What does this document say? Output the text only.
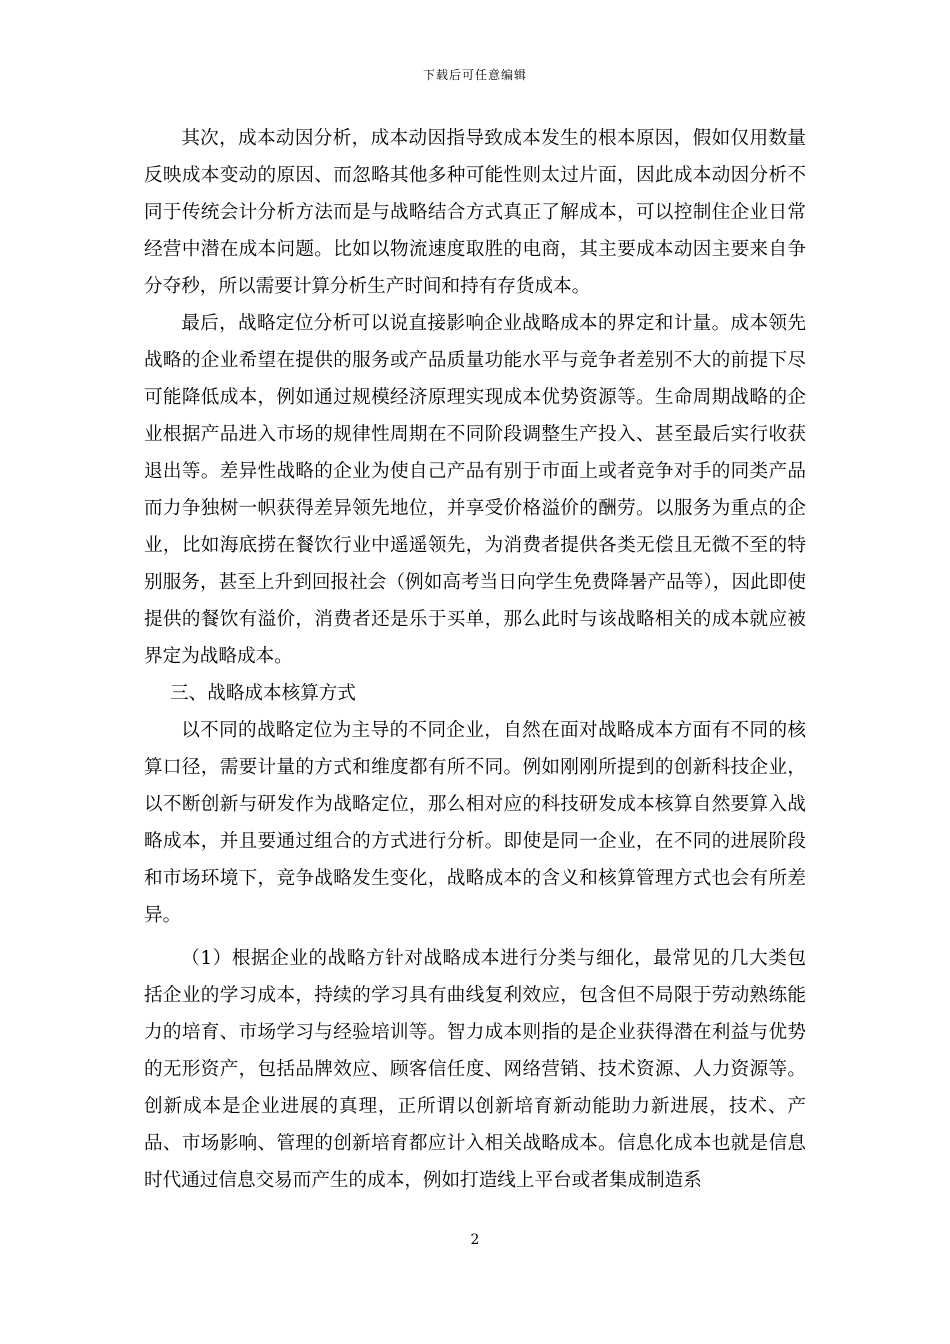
下载后可任意编辑

其次，成本动因分析，成本动因指导致成本发生的根本原因，假如仅用数量反映成本变动的原因、而忽略其他多种可能性则太过片面，因此成本动因分析不同于传统会计分析方法而是与战略结合方式真正了解成本，可以控制住企业日常经营中潜在成本问题。比如以物流速度取胜的电商，其主要成本动因主要来自争分夺秒，所以需要计算分析生产时间和持有存货成本。

最后，战略定位分析可以说直接影响企业战略成本的界定和计量。成本领先战略的企业希望在提供的服务或产品质量功能水平与竞争者差别不大的前提下尽可能降低成本，例如通过规模经济原理实现成本优势资源等。生命周期战略的企业根据产品进入市场的规律性周期在不同阶段调整生产投入、甚至最后实行收获退出等。差异性战略的企业为使自己产品有别于市面上或者竞争对手的同类产品而力争独树一帜获得差异领先地位，并享受价格溢价的酬劳。以服务为重点的企业，比如海底捞在餐饮行业中遥遥领先，为消费者提供各类无偿且无微不至的特别服务，甚至上升到回报社会（例如高考当日向学生免费降暑产品等），因此即使提供的餐饮有溢价，消费者还是乐于买单，那么此时与该战略相关的成本就应被界定为战略成本。

三、战略成本核算方式

以不同的战略定位为主导的不同企业，自然在面对战略成本方面有不同的核算口径，需要计量的方式和维度都有所不同。例如刚刚所提到的创新科技企业，以不断创新与研发作为战略定位，那么相对应的科技研发成本核算自然要算入战略成本，并且要通过组合的方式进行分析。即使是同一企业，在不同的进展阶段和市场环境下，竞争战略发生变化，战略成本的含义和核算管理方式也会有所差异。

（1）根据企业的战略方针对战略成本进行分类与细化，最常见的几大类包括企业的学习成本，持续的学习具有曲线复利效应，包含但不局限于劳动熟练能力的培育、市场学习与经验培训等。智力成本则指的是企业获得潜在利益与优势的无形资产，包括品牌效应、顾客信任度、网络营销、技术资源、人力资源等。创新成本是企业进展的真理，正所谓以创新培育新动能助力新进展，技术、产品、市场影响、管理的创新培育都应计入相关战略成本。信息化成本也就是信息时代通过信息交易而产生的成本，例如打造线上平台或者集成制造系

2
